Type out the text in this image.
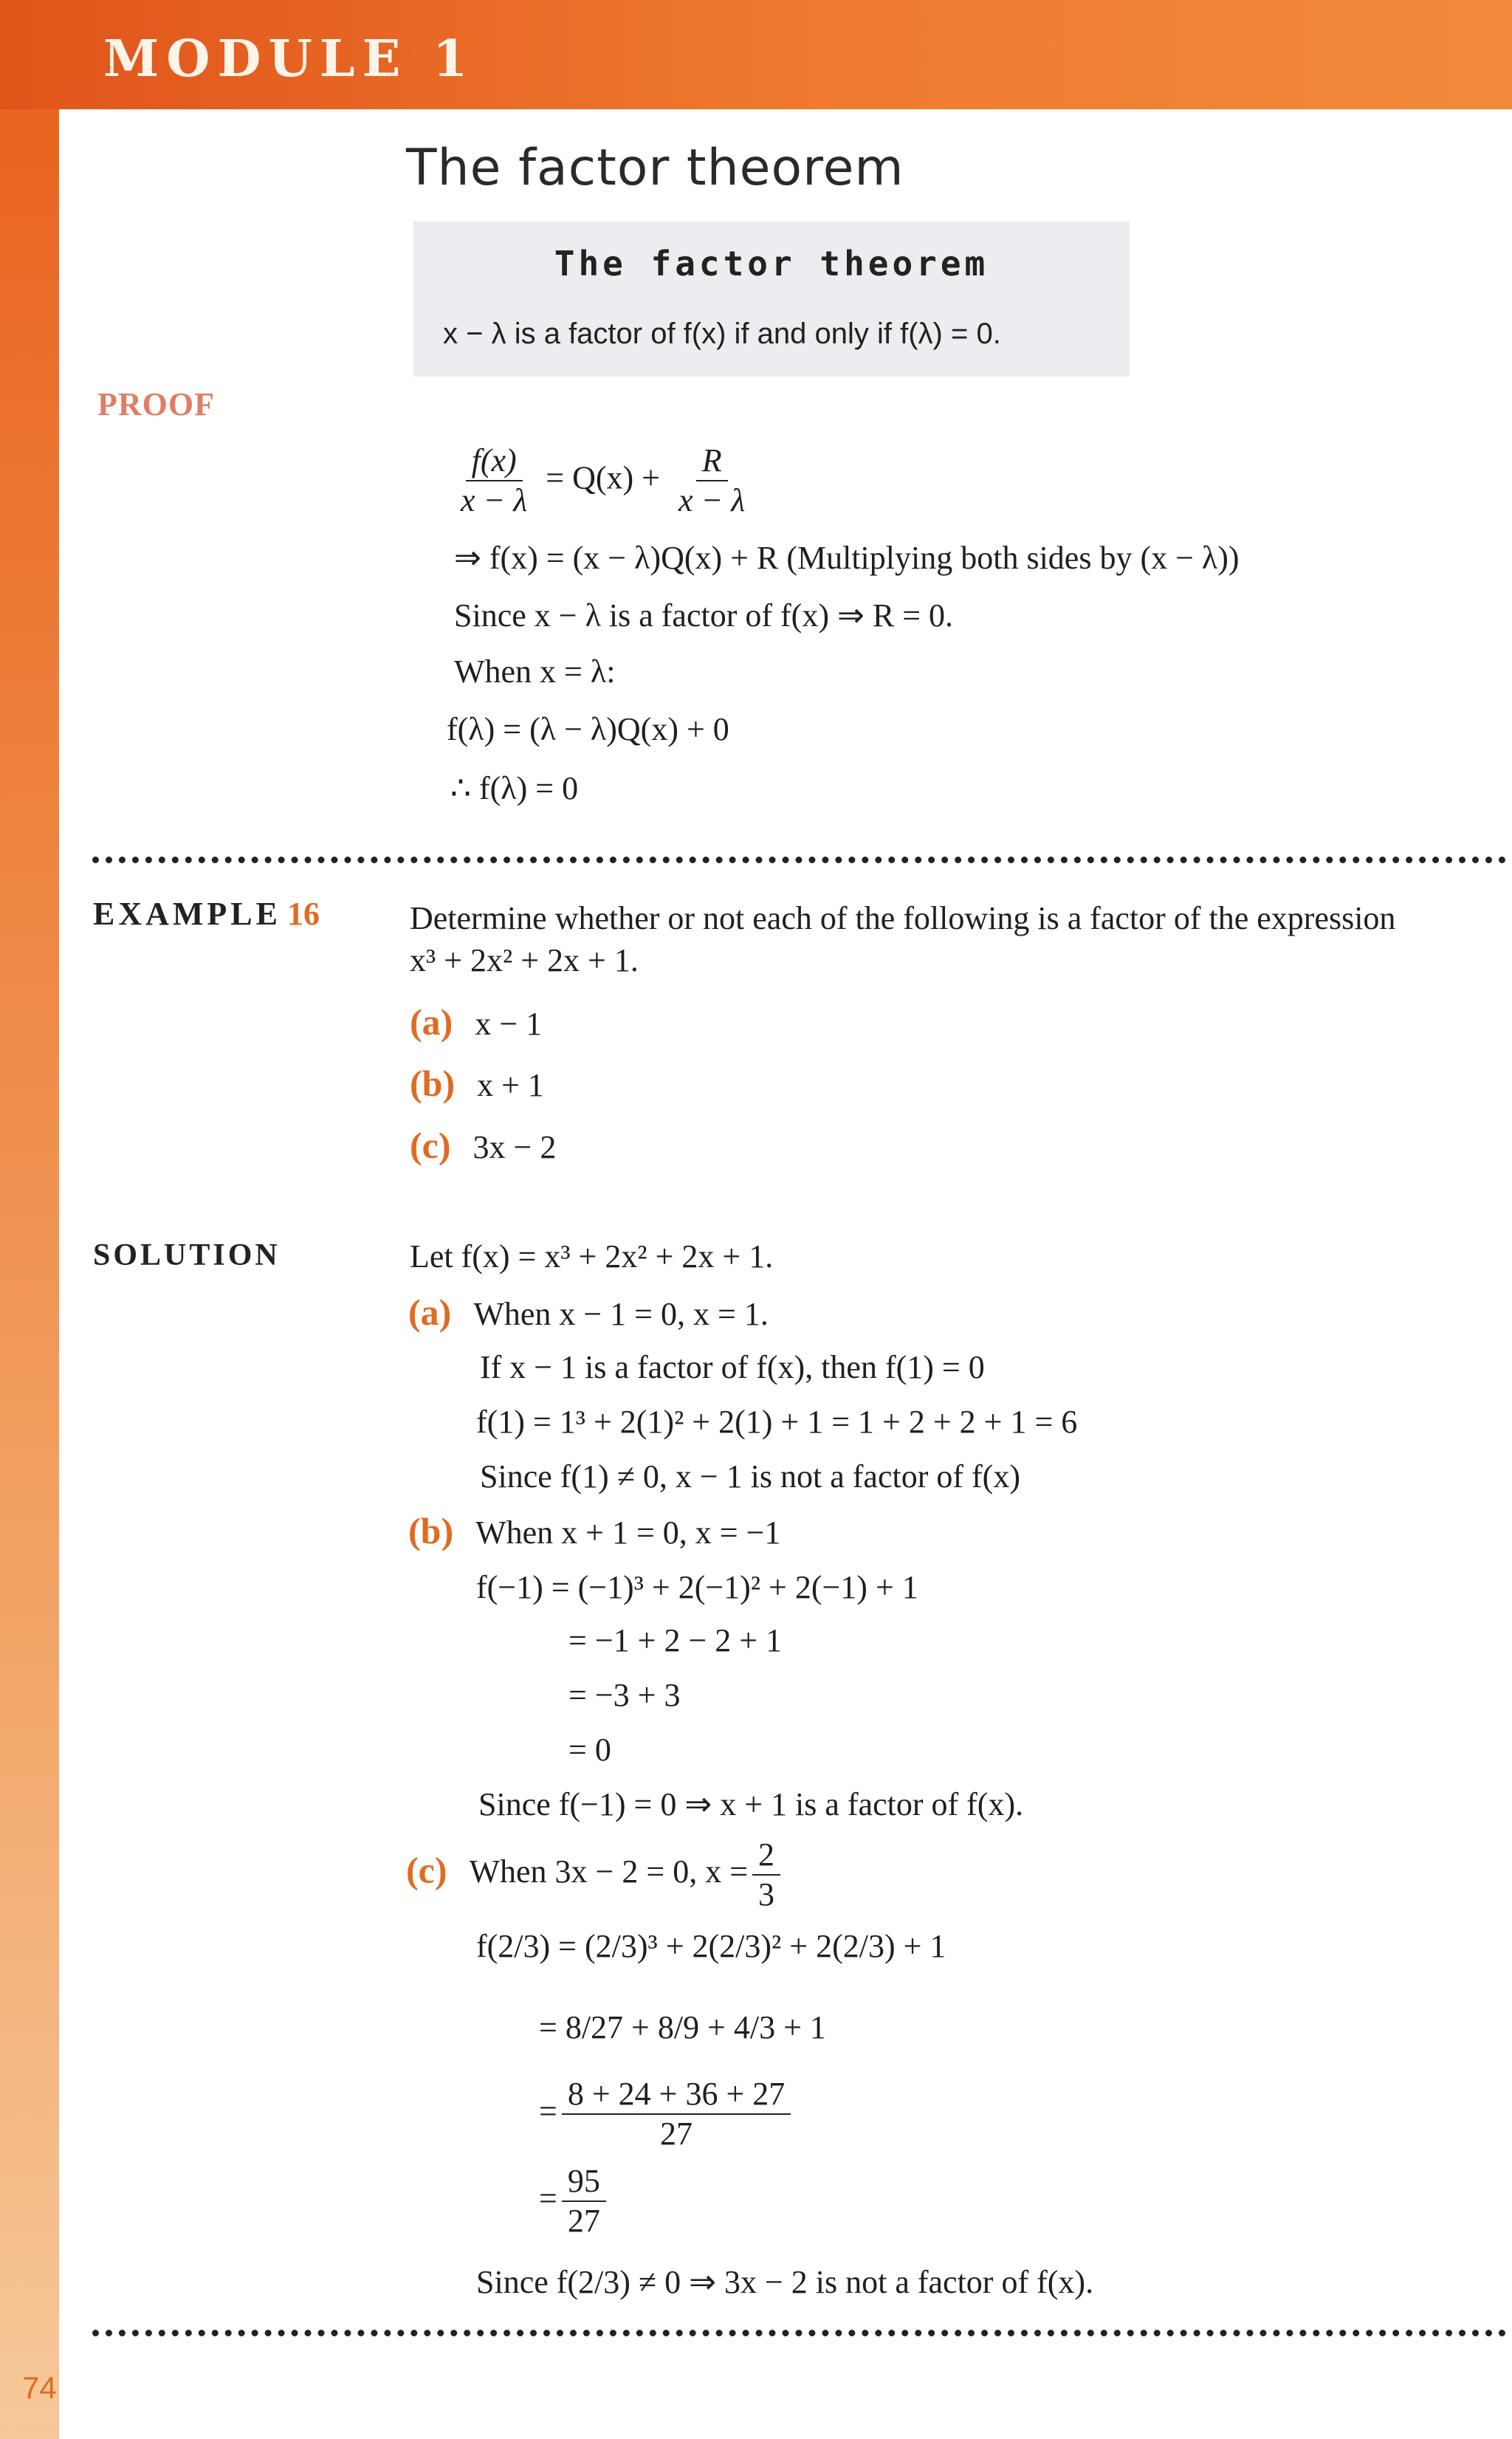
MODULE 1
The factor theorem
The factor theorem
x − λ is a factor of f(x) if and only if f(λ) = 0.
PROOF
$\frac{f(x)}{x - \lambda} = Q(x) + \frac{R}{x - \lambda}$
⇒ f(x) = (x − λ)Q(x) + R (Multiplying both sides by (x − λ))
Since x − λ is a factor of f(x) ⇒ R = 0.
When x = λ:
f(λ) = (λ − λ)Q(x) + 0
∴ f(λ) = 0
EXAMPLE 16	Determine whether or not each of the following is a factor of the expression
x³ + 2x² + 2x + 1.
(a) x − 1
(b) x + 1
(c) 3x − 2
SOLUTION	Let f(x) = x³ + 2x² + 2x + 1.
(a) When x − 1 = 0, x = 1.
If x − 1 is a factor of f(x), then f(1) = 0
f(1) = 1³ + 2(1)² + 2(1) + 1 = 1 + 2 + 2 + 1 = 6
Since f(1) ≠ 0, x − 1 is not a factor of f(x)
(b) When x + 1 = 0, x = −1
f(−1) = (−1)³ + 2(−1)² + 2(−1) + 1
= −1 + 2 − 2 + 1
= −3 + 3
= 0
Since f(−1) = 0 ⇒ x + 1 is a factor of f(x).
(c) When 3x − 2 = 0, $x = \frac{2}{3}$
f(2/3) = (2/3)³ + 2(2/3)² + 2(2/3) + 1
= 8/27 + 8/9 + 4/3 + 1
= $\frac{8 + 24 + 36 + 27}{27}$
= $\frac{95}{27}$
Since f(2/3) ≠ 0 ⇒ 3x − 2 is not a factor of f(x).
74
